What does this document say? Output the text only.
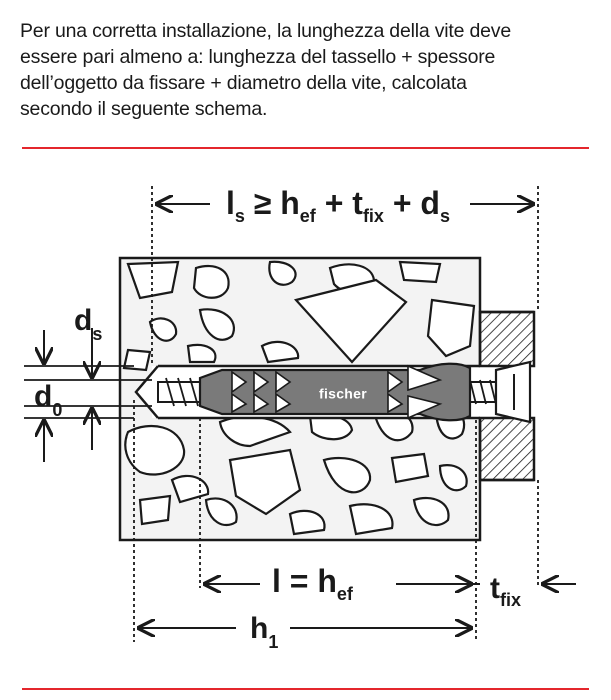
Per una corretta installazione, la lunghezza della vite deve
essere pari almeno a: lunghezza del tassello + spessore
dell’oggetto da fissare + diametro della vite, calcolata
secondo il seguente schema.
fischer
$l_s \ge h_{ef} + t_{fix} + d_s$
$d_s$
$d_0$
$l = h_{ef}$	$t_{fix}$
$h_1$
